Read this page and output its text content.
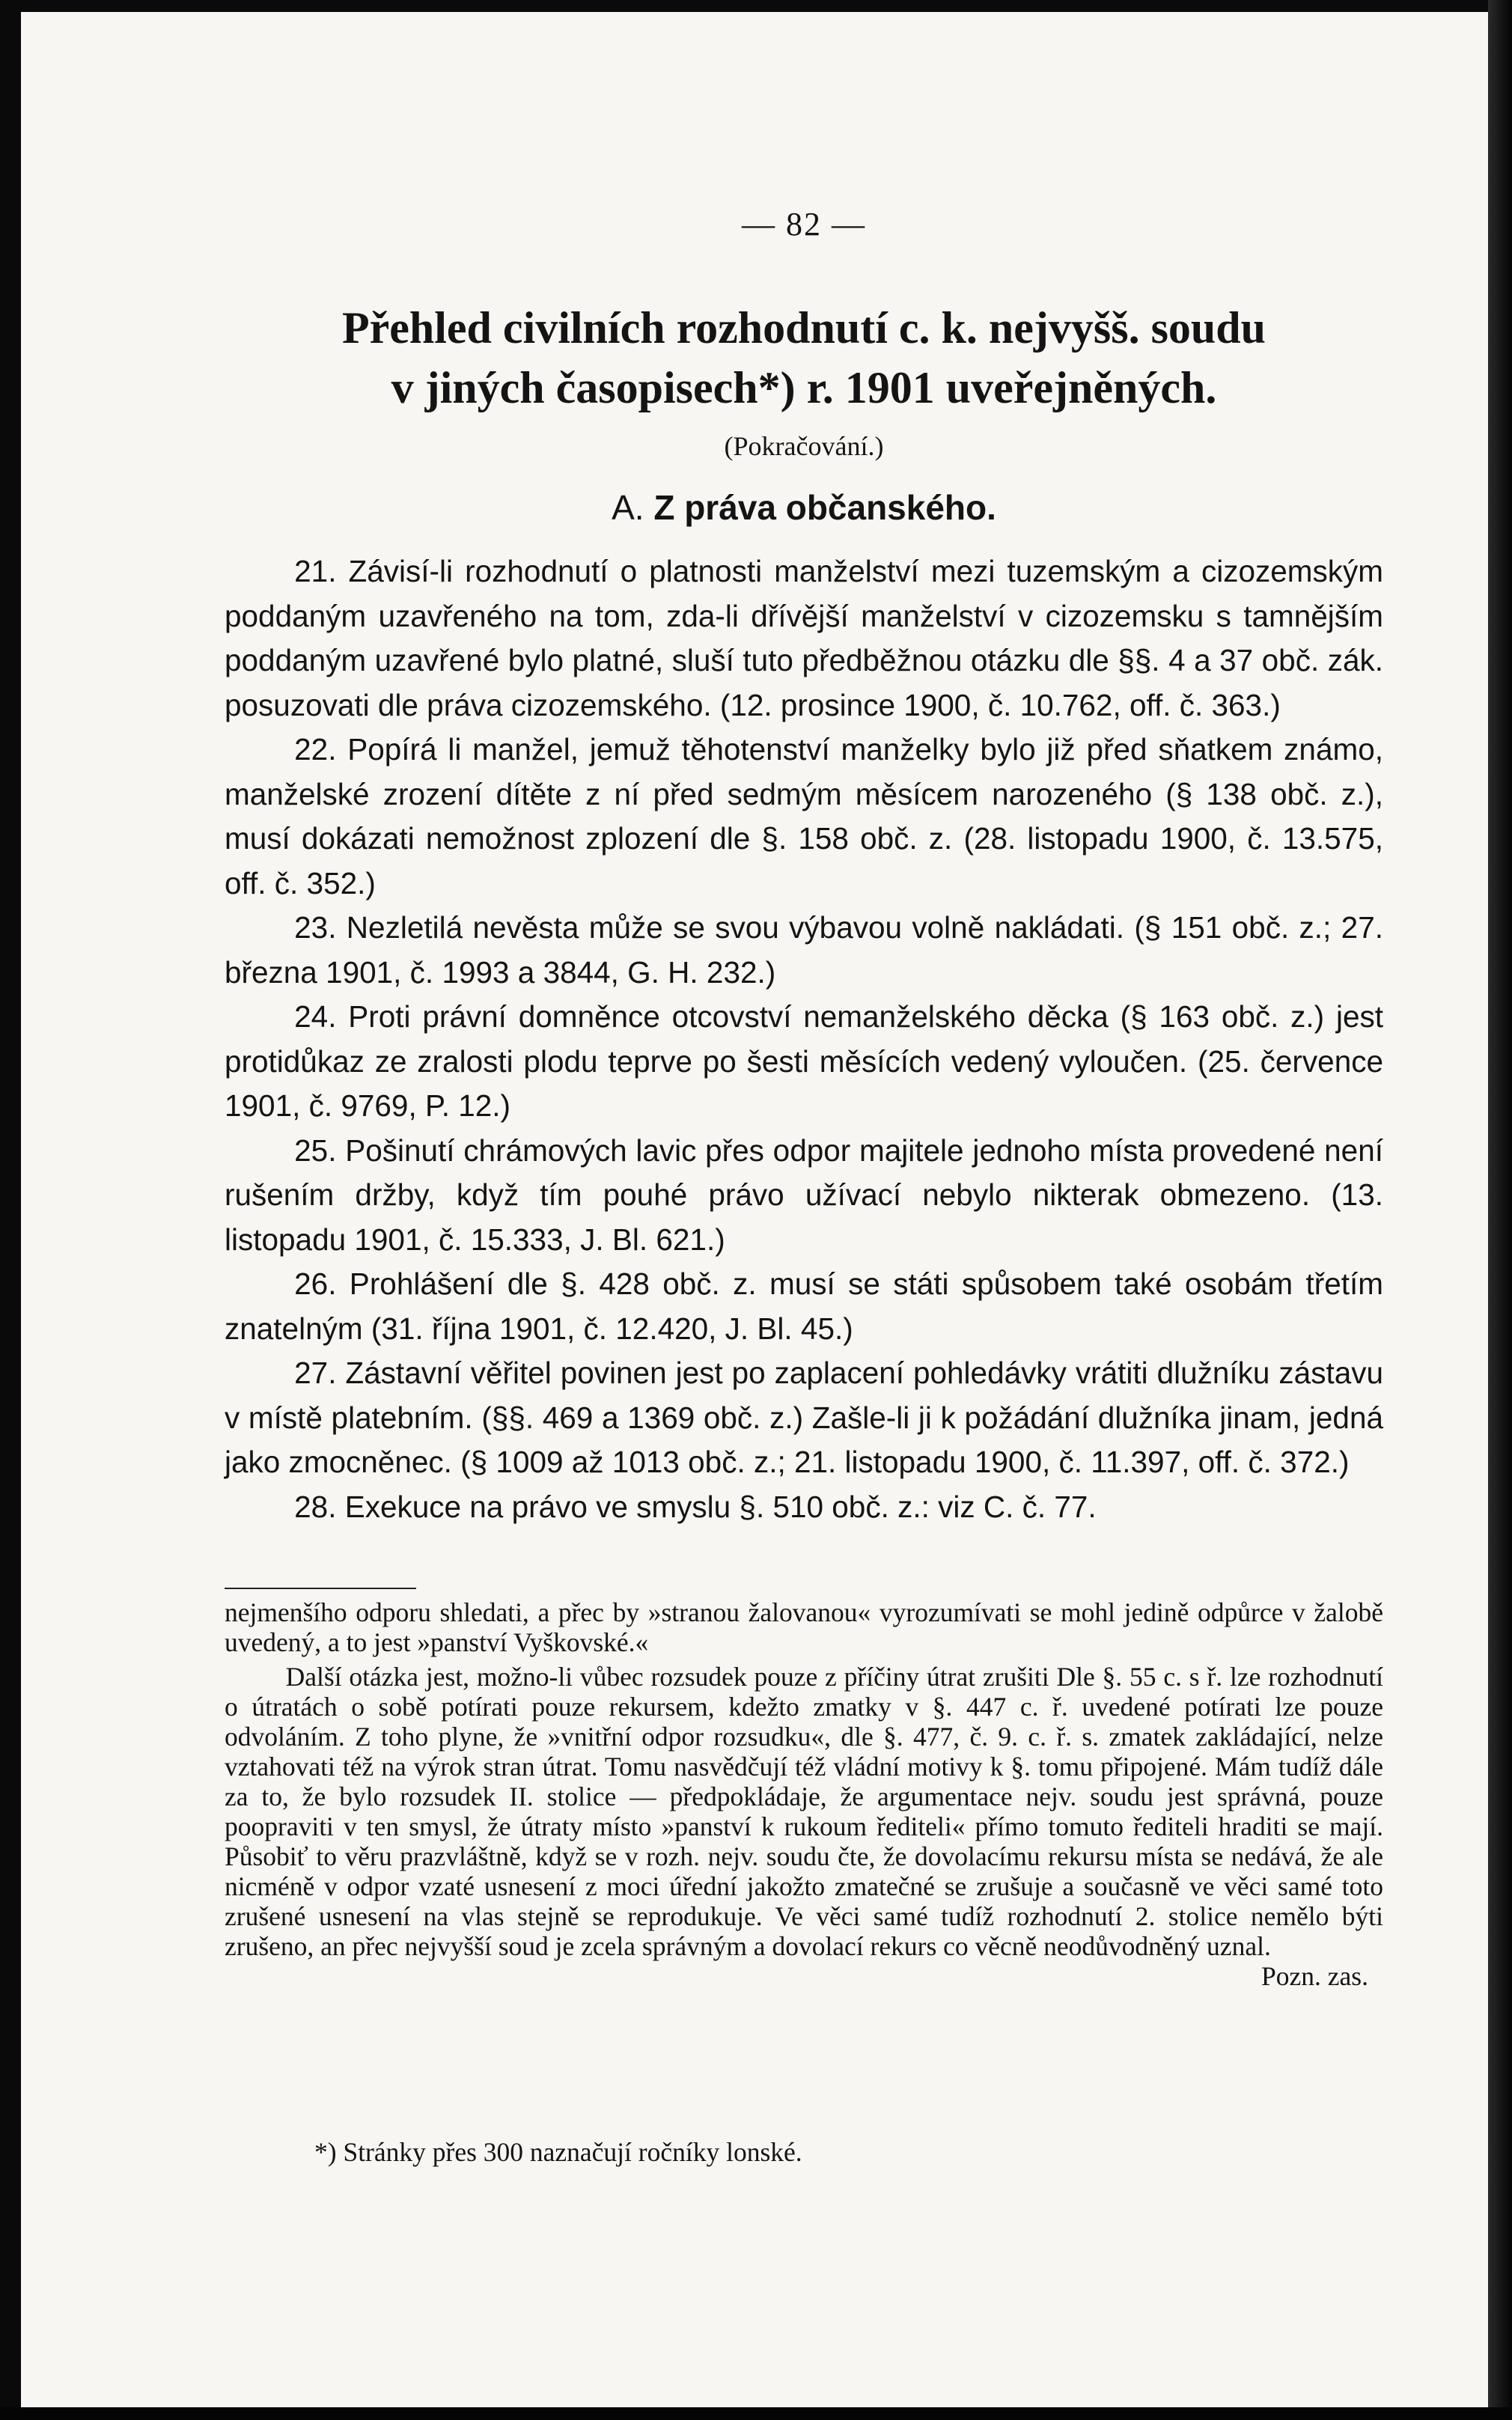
— 82 —
Přehled civilních rozhodnutí c. k. nejvyšš. soudu
v jiných časopisech*) r. 1901 uveřejněných.
(Pokračování.)
A. Z práva občanského.

21. Závisí-li rozhodnutí o platnosti manželství mezi tuzemským a cizozemským poddaným uzavřeného na tom, zda-li dřívější manželství v cizozemsku s tamnějším poddaným uzavřené bylo platné, sluší tuto předběžnou otázku dle §§. 4 a 37 obč. zák. posuzovati dle práva cizozemského. (12. prosince 1900, č. 10.762, off. č. 363.)

22. Popírá li manžel, jemuž těhotenství manželky bylo již před sňatkem známo, manželské zrození dítěte z ní před sedmým měsícem narozeného (§ 138 obč. z.), musí dokázati nemožnost zplození dle §. 158 obč. z. (28. listopadu 1900, č. 13.575, off. č. 352.)

23. Nezletilá nevěsta může se svou výbavou volně nakládati. (§ 151 obč. z.; 27. března 1901, č. 1993 a 3844, G. H. 232.)

24. Proti právní domněnce otcovství nemanželského děcka (§ 163 obč. z.) jest protidůkaz ze zralosti plodu teprve po šesti měsících vedený vyloučen. (25. července 1901, č. 9769, P. 12.)

25. Pošinutí chrámových lavic přes odpor majitele jednoho místa provedené není rušením držby, když tím pouhé právo užívací nebylo nikterak obmezeno. (13. listopadu 1901, č. 15.333, J. Bl. 621.)

26. Prohlášení dle §. 428 obč. z. musí se státi spůsobem také osobám třetím znatelným (31. října 1901, č. 12.420, J. Bl. 45.)

27. Zástavní věřitel povinen jest po zaplacení pohledávky vrátiti dlužníku zástavu v místě platebním. (§§. 469 a 1369 obč. z.) Zašle-li ji k požádání dlužníka jinam, jedná jako zmocněnec. (§ 1009 až 1013 obč. z.; 21. listopadu 1900, č. 11.397, off. č. 372.)

28. Exekuce na právo ve smyslu §. 510 obč. z.: viz C. č. 77.

nejmenšího odporu shledati, a přec by »stranou žalovanou« vyrozumívati se mohl jedině odpůrce v žalobě uvedený, a to jest »panství Vyškovské.«

Další otázka jest, možno-li vůbec rozsudek pouze z příčiny útrat zrušiti Dle §. 55 c. s ř. lze rozhodnutí o útratách o sobě potírati pouze rekursem, kdežto zmatky v §. 447 c. ř. uvedené potírati lze pouze odvoláním. Z toho plyne, že »vnitřní odpor rozsudku«, dle §. 477, č. 9. c. ř. s. zmatek zakládající, nelze vztahovati též na výrok stran útrat. Tomu nasvědčují též vládní motivy k §. tomu připojené. Mám tudíž dále za to, že bylo rozsudek II. stolice — předpokládaje, že argumentace nejv. soudu jest správná, pouze poopraviti v ten smysl, že útraty místo »panství k rukoum řediteli« přímo tomuto řediteli hraditi se mají. Působiť to věru prazvláštně, když se v rozh. nejv. soudu čte, že dovolacímu rekursu místa se nedává, že ale nicméně v odpor vzaté usnesení z moci úřední jakožto zmatečné se zrušuje a současně ve věci samé toto zrušené usnesení na vlas stejně se reprodukuje. Ve věci samé tudíž rozhodnutí 2. stolice nemělo býti zrušeno, an přec nejvyšší soud je zcela správným a dovolací rekurs co věcně neodůvodněný uznal.
Pozn. zas.

*) Stránky přes 300 naznačují ročníky lonské.
